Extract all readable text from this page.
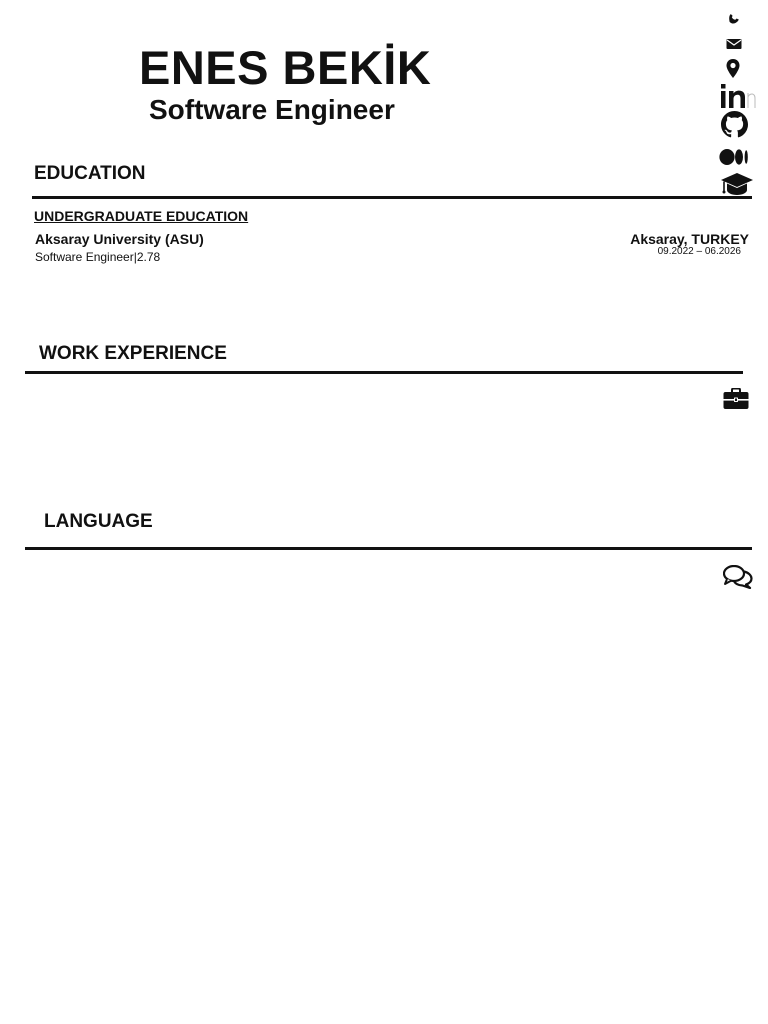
ENES BEKİK
Software Engineer
EDUCATION
UNDERGRADUATE EDUCATION
Aksaray University (ASU)
Software Engineer|2.78
Aksaray, TURKEY
09.2022 – 06.2026
WORK EXPERIENCE
LANGUAGE
